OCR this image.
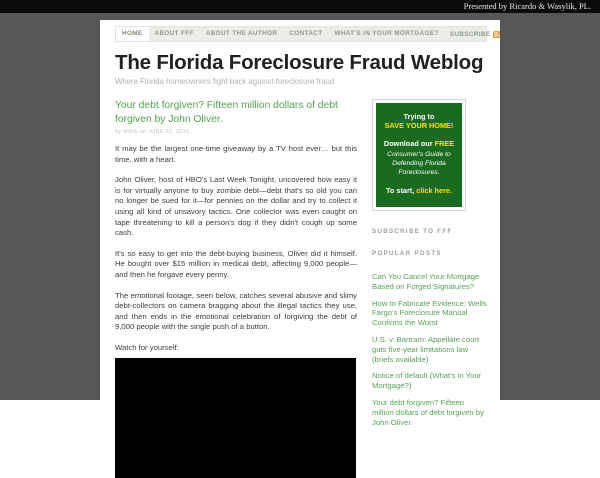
Presented by Ricardo & Wasylik, PL.
HOME	ABOUT FFF	ABOUT THE AUTHOR	CONTACT	WHAT'S IN YOUR MORTGAGE?	SUBSCRIBE
The Florida Foreclosure Fraud Weblog
Where Florida homeowners fight back against foreclosure fraud
Your debt forgiven? Fifteen million dollars of debt forgiven by John Oliver.
by MIKE on JUNE 22, 2016

It may be the largest one-time giveaway by a TV host ever… but this time, with a heart.

John Oliver, host of HBO's Last Week Tonight, uncovered how easy it is for virtually anyone to buy zombie debt—debt that's so old you can no longer be sued for it—for pennies on the dollar and try to collect it using all kind of unsavory tactics. One collector was even caught on tape threatening to kill a person's dog if they didn't cough up some cash.

It's so easy to get into the debt-buying business, Oliver did it himself. He bought over $15 million in medical debt, affecting 9,000 people—and then he forgave every penny.

The emotional footage, seen below, catches several abusive and slimy debt-collectors on camera bragging about the illegal tactics they use, and then ends in the emotional celebration of forgiving the debt of 9,000 people with the single push of a button.

Watch for yourself:
Trying to
SAVE YOUR HOME!
Download our FREE
Consumer's Guide to
Defending Florida Foreclosures.
To start, click here.
SUBSCRIBE TO FFF
POPULAR POSTS
Can You Cancel Your Mortgage Based on Forged Signatures?
How to Fabricate Evidence: Wells Fargo's Foreclosure Manual Confirms the Worst
U.S. v. Bartram: Appellate court guts five-year limitations law (briefs available)
Notice of default (What's in Your Mortgage?)
Your debt forgiven? Fifteen million dollars of debt forgiven by John Oliver.
